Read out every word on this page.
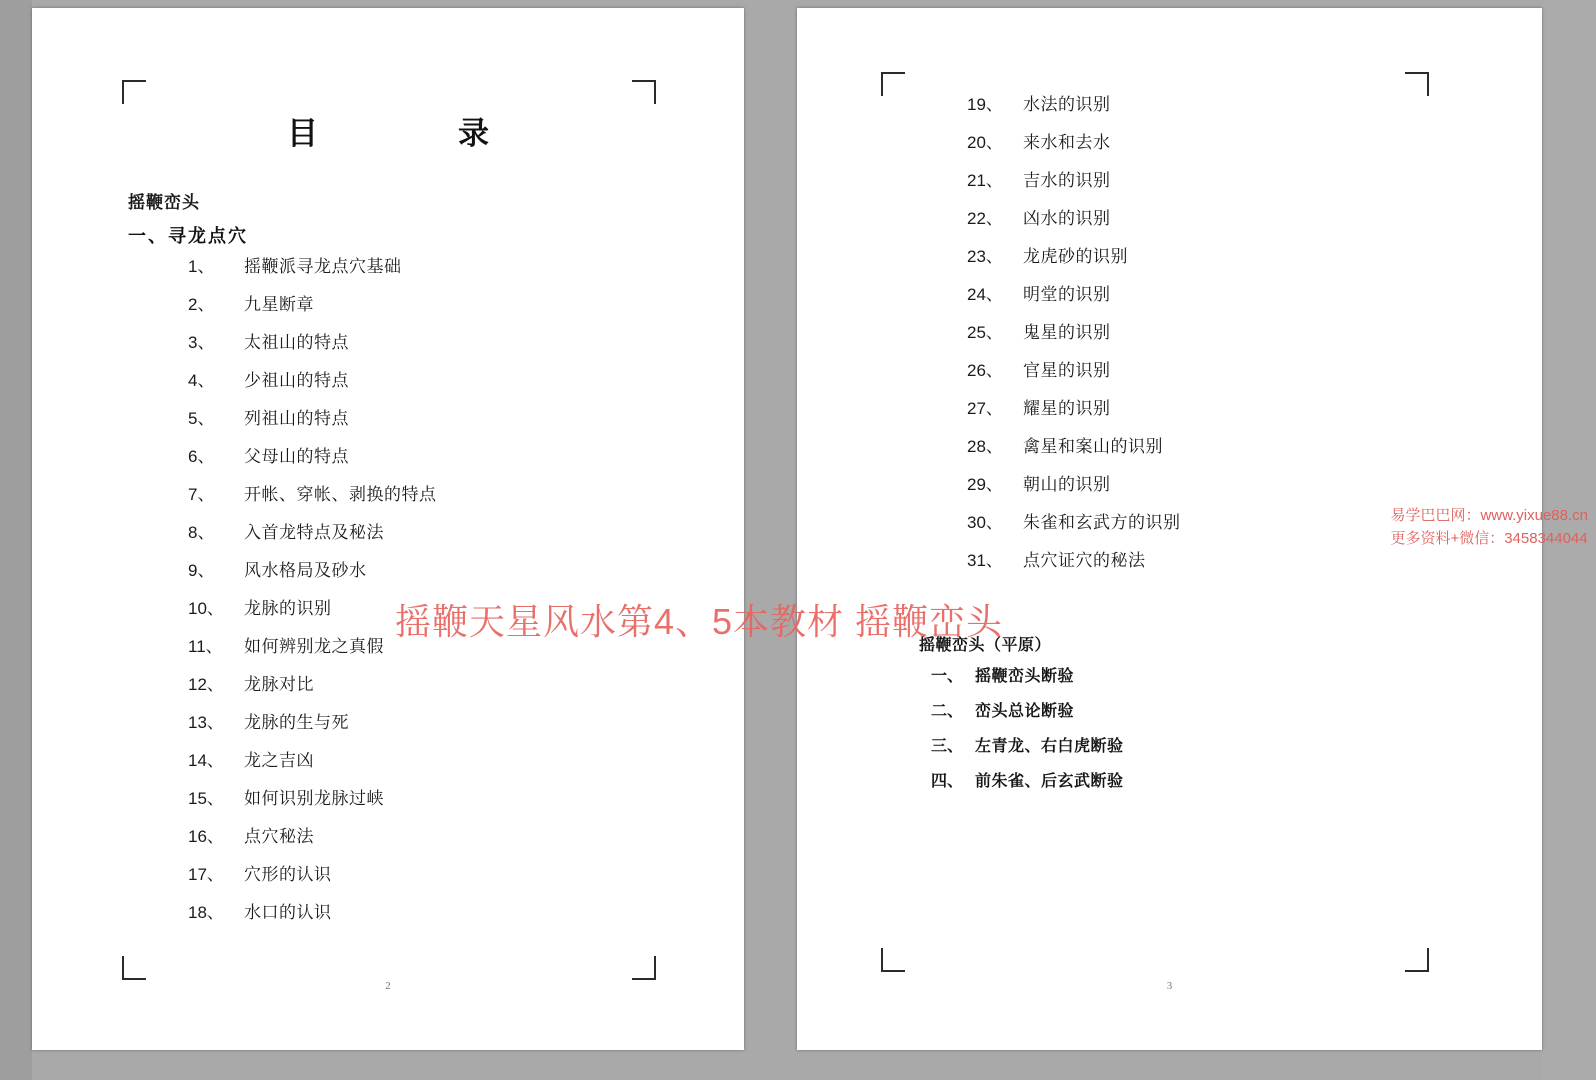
目　　录
摇鞭峦头
一、寻龙点穴
1、	摇鞭派寻龙点穴基础
2、	九星断章
3、	太祖山的特点
4、	少祖山的特点
5、	列祖山的特点
6、	父母山的特点
7、	开帐、穿帐、剥换的特点
8、	入首龙特点及秘法
9、	风水格局及砂水
10、	龙脉的识别
11、	如何辨别龙之真假
12、	龙脉对比
13、	龙脉的生与死
14、	龙之吉凶
15、	如何识别龙脉过峡
16、	点穴秘法
17、	穴形的认识
18、	水口的认识
2
19、	水法的识别
20、	来水和去水
21、	吉水的识别
22、	凶水的识别
23、	龙虎砂的识别
24、	明堂的识别
25、	鬼星的识别
26、	官星的识别
27、	耀星的识别
28、	禽星和案山的识别
29、	朝山的识别
30、	朱雀和玄武方的识别
31、	点穴证穴的秘法
摇鞭峦头（平原）
一、 摇鞭峦头断验
二、 峦头总论断验
三、 左青龙、右白虎断验
四、 前朱雀、后玄武断验
3
摇鞭天星风水第4、5本教材 摇鞭峦头
易学巴巴网：www.yixue88.cn
更多资料+微信：3458344044
